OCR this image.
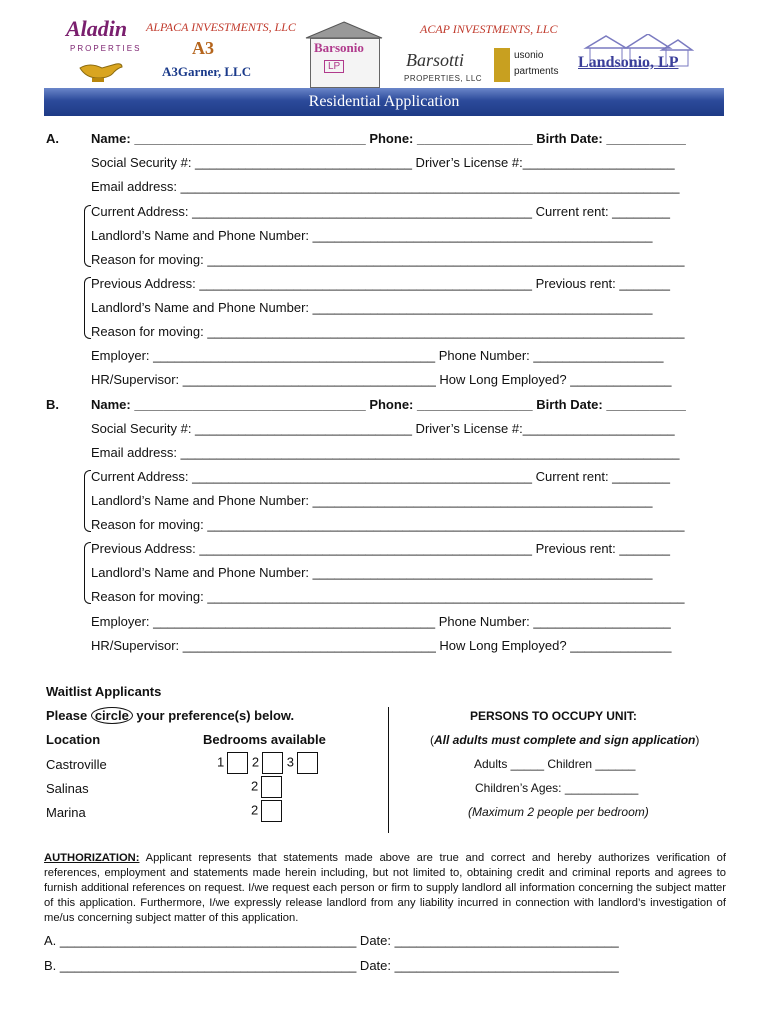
Aladin
PROPERTIES
ALPACA INVESTMENTS, LLC
A3
A3Garner, LLC
Barsonio
LP
ACAP INVESTMENTS, LLC
Barsotti
PROPERTIES, LLC
usonio
partments
Landsonio, LP
Residential Application
A. Name: ________________________________ Phone: ________________ Birth Date: ___________
Social Security #: ______________________________ Driver’s License #:_____________________
Email address: _____________________________________________________________________
Current Address: _______________________________________________ Current rent: ________
Landlord’s Name and Phone Number: _______________________________________________
Reason for moving: __________________________________________________________________
Previous Address: ______________________________________________ Previous rent: _______
Landlord’s Name and Phone Number: _______________________________________________
Reason for moving: __________________________________________________________________
Employer: _______________________________________ Phone Number: __________________
HR/Supervisor: ___________________________________ How Long Employed? ______________
B. Name: ________________________________ Phone: ________________ Birth Date: ___________
Social Security #: ______________________________ Driver’s License #:_____________________
Email address: _____________________________________________________________________
Current Address: _______________________________________________ Current rent: ________
Landlord’s Name and Phone Number: _______________________________________________
Reason for moving: __________________________________________________________________
Previous Address: ______________________________________________ Previous rent: _______
Landlord’s Name and Phone Number: _______________________________________________
Reason for moving: __________________________________________________________________
Employer: _______________________________________ Phone Number: ___________________
HR/Supervisor: ___________________________________ How Long Employed? ______________
Waitlist Applicants
Please circle your preference(s) below.
Location	Bedrooms available
Castroville	1 2 3
Salinas	2
Marina	2
PERSONS TO OCCUPY UNIT:
(All adults must complete and sign application)
Adults _____ Children ______
Children’s Ages: ___________
(Maximum 2 people per bedroom)
AUTHORIZATION: Applicant represents that statements made above are true and correct and hereby authorizes verification of references, employment and statements made herein including, but not limited to, obtaining credit and criminal reports and agrees to furnish additional references on request. I/we request each person or firm to supply landlord all information concerning the subject matter of this application. Furthermore, I/we expressly release landlord from any liability incurred in connection with landlord’s investigation of me/us concerning subject matter of this application.
A. _________________________________________ Date: _______________________________
B. _________________________________________ Date: _______________________________
